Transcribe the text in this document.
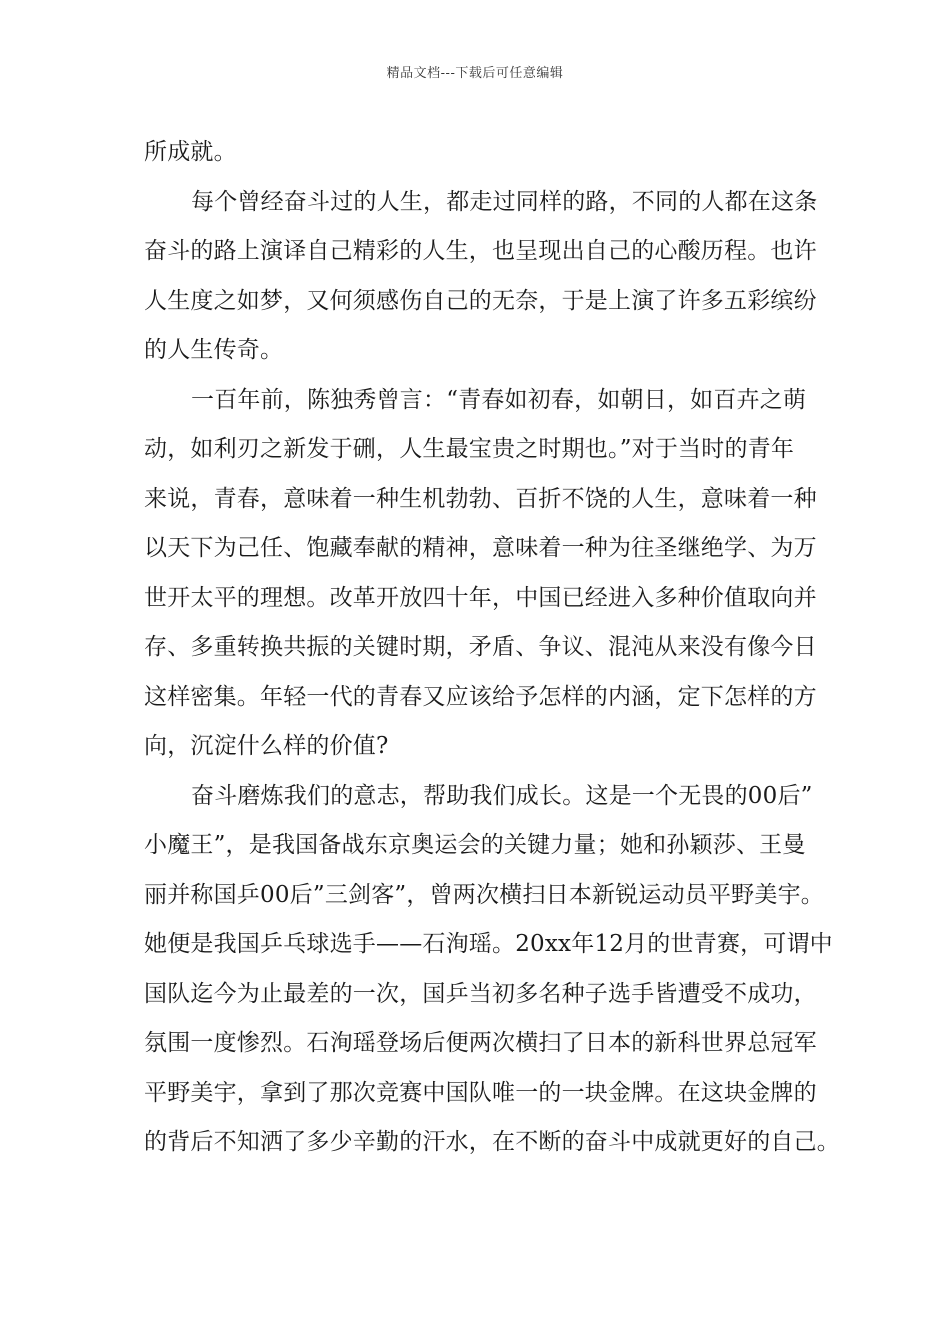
精品文档---下载后可任意编辑
所成就。
每个曾经奋斗过的人生，都走过同样的路，不同的人都在这条
奋斗的路上演译自己精彩的人生，也呈现出自己的心酸历程。也许
人生度之如梦，又何须感伤自己的无奈，于是上演了许多五彩缤纷
的人生传奇。
一百年前，陈独秀曾言：“青春如初春，如朝日，如百卉之萌
动，如利刃之新发于硎，人生最宝贵之时期也。”对于当时的青年
来说，青春，意味着一种生机勃勃、百折不饶的人生，意味着一种
以天下为己任、饱藏奉献的精神，意味着一种为往圣继绝学、为万
世开太平的理想。改革开放四十年，中国已经进入多种价值取向并
存、多重转换共振的关键时期，矛盾、争议、混沌从来没有像今日
这样密集。年轻一代的青春又应该给予怎样的内涵，定下怎样的方
向，沉淀什么样的价值?
奋斗磨炼我们的意志，帮助我们成长。这是一个无畏的00后”
小魔王”，是我国备战东京奥运会的关键力量；她和孙颖莎、王曼
丽并称国乒00后”三剑客”，曾两次横扫日本新锐运动员平野美宇。
她便是我国乒乓球选手——石洵瑶。20xx年12月的世青赛，可谓中
国队迄今为止最差的一次，国乒当初多名种子选手皆遭受不成功，
氛围一度惨烈。石洵瑶登场后便两次横扫了日本的新科世界总冠军
平野美宇，拿到了那次竞赛中国队唯一的一块金牌。在这块金牌的
的背后不知洒了多少辛勤的汗水，在不断的奋斗中成就更好的自己。
